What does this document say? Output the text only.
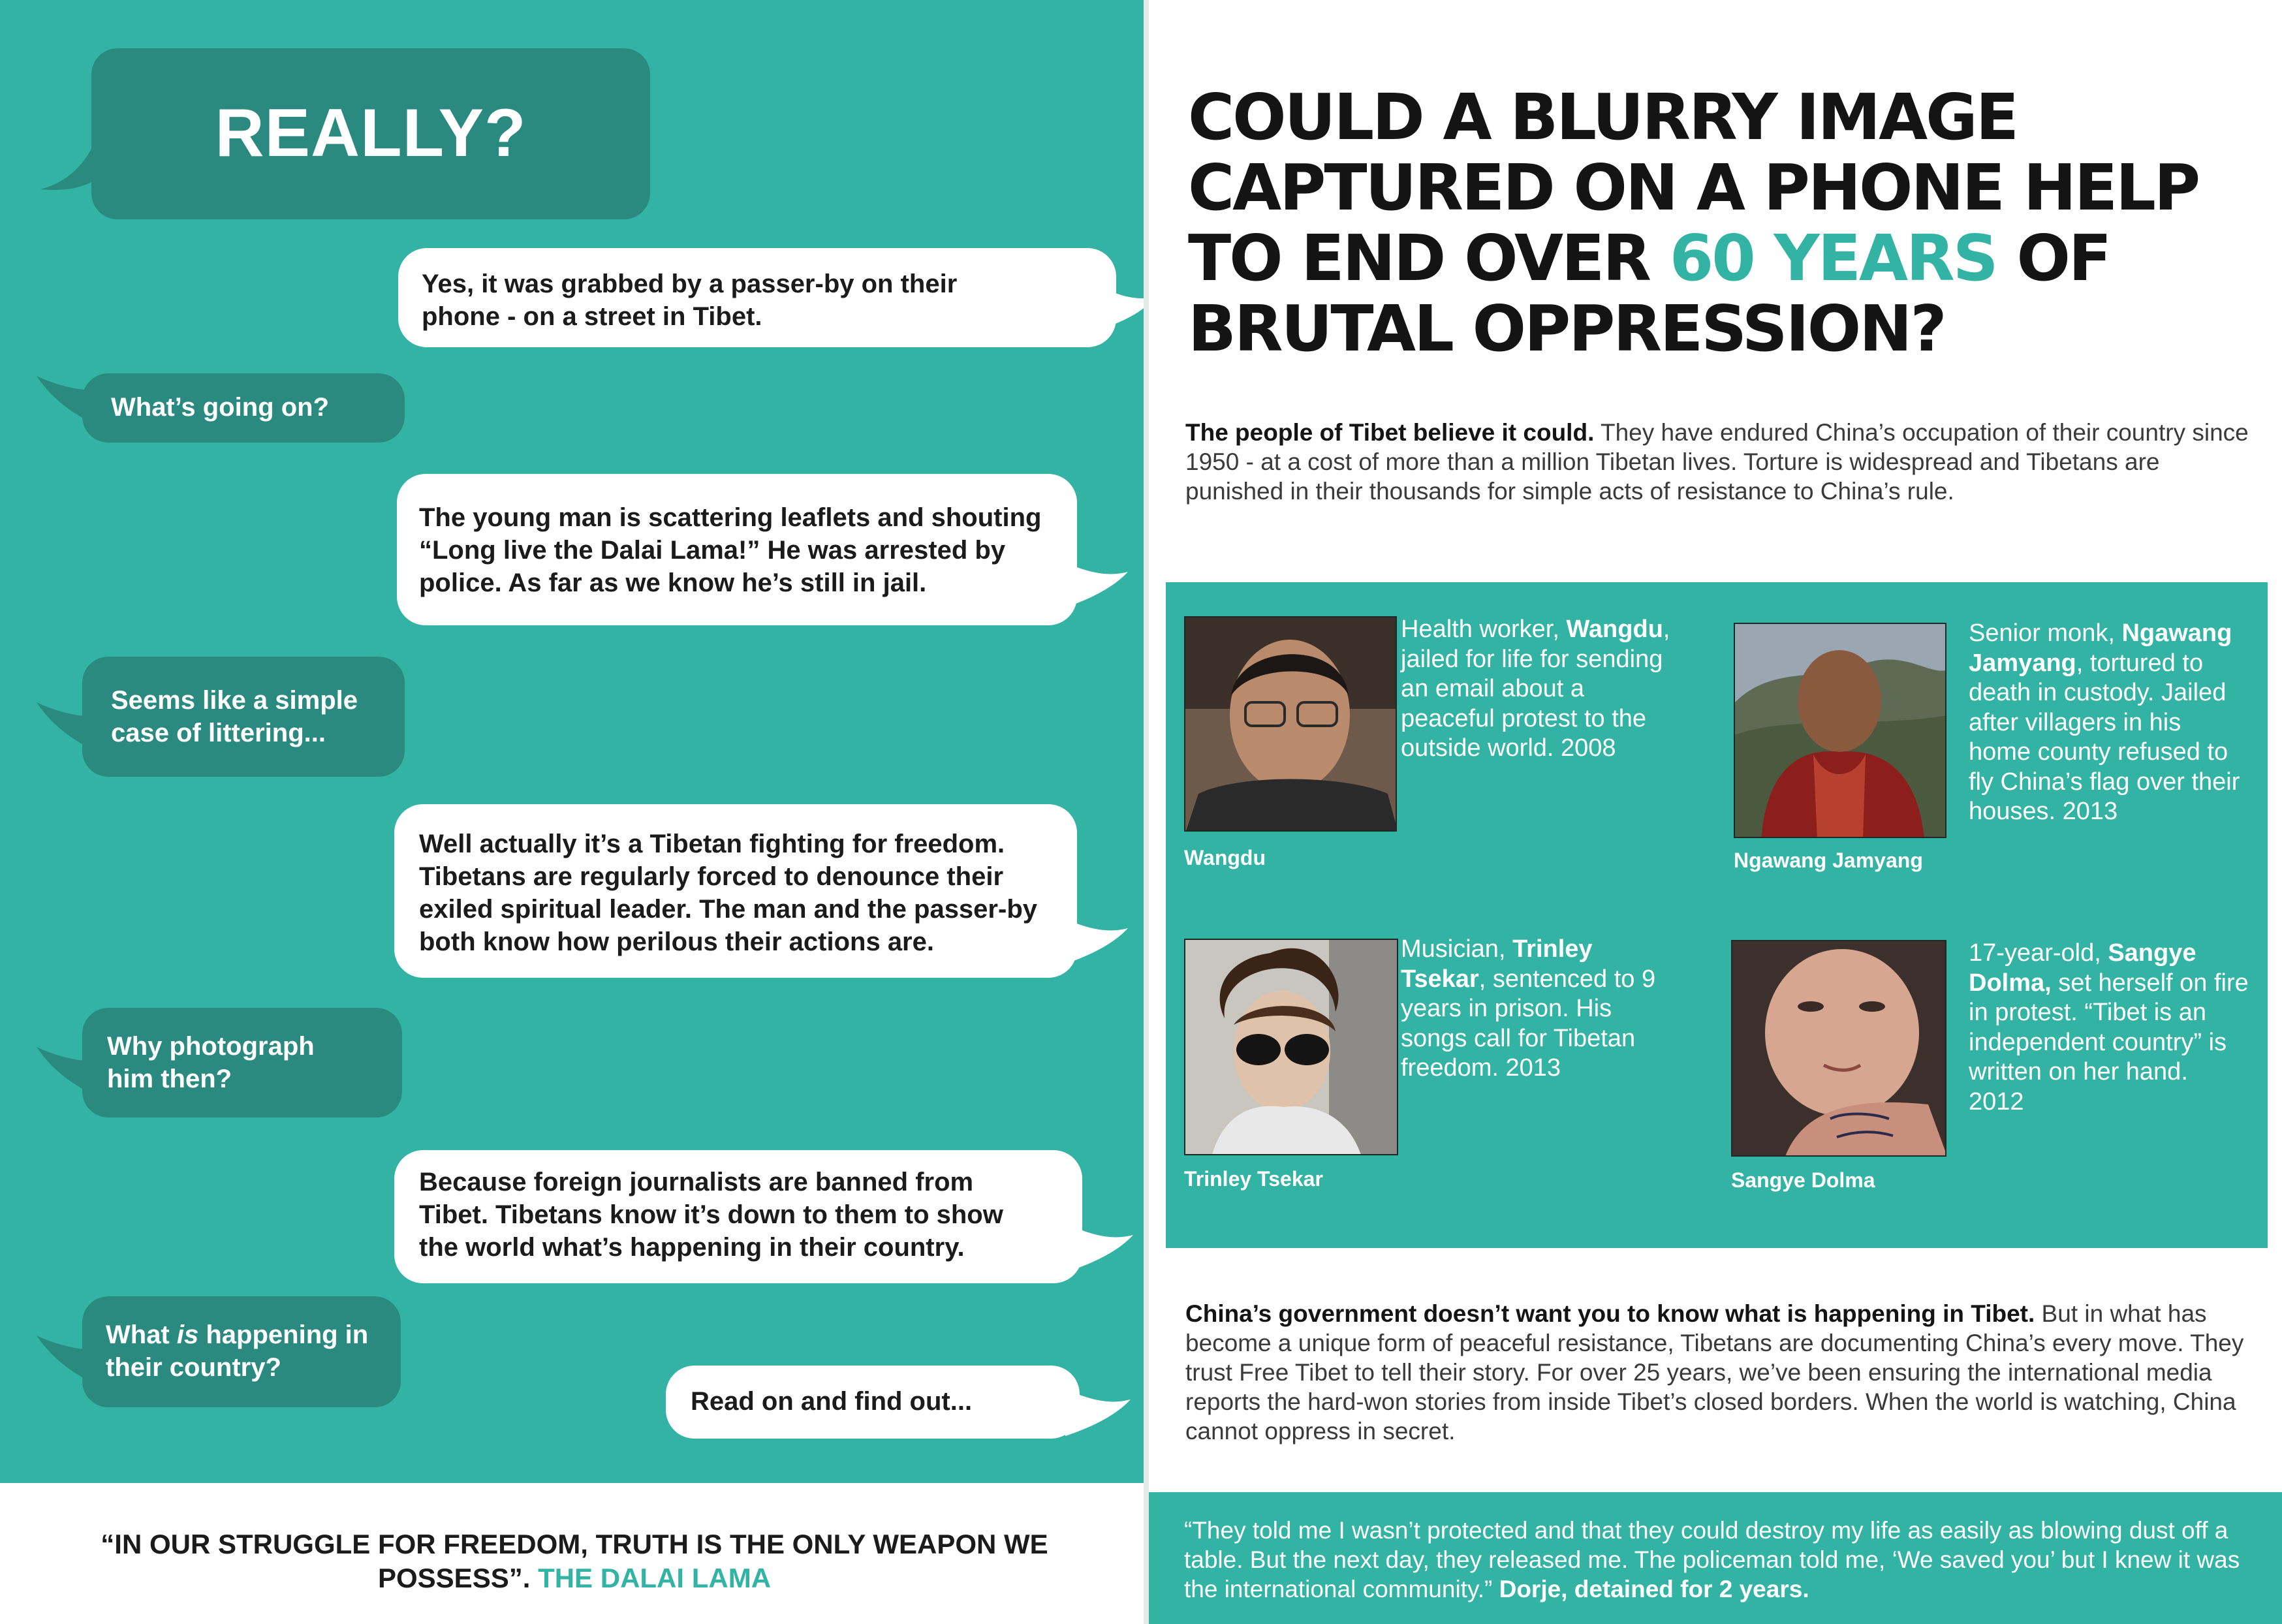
REALLY?
Yes, it was grabbed by a passer-by on their
phone - on a street in Tibet.
What’s going on?
The young man is scattering leaflets and shouting
“Long live the Dalai Lama!” He was arrested by
police. As far as we know he’s still in jail.
Seems like a simple
case of littering...
Well actually it’s a Tibetan fighting for freedom.
Tibetans are regularly forced to denounce their
exiled spiritual leader. The man and the passer-by
both know how perilous their actions are.
Why photograph
him then?
Because foreign journalists are banned from
Tibet. Tibetans know it’s down to them to show
the world what’s happening in their country.
What is happening in
their country?
Read on and find out...
“IN OUR STRUGGLE FOR FREEDOM, TRUTH IS THE ONLY WEAPON WE POSSESS”. THE DALAI LAMA
COULD A BLURRY IMAGE CAPTURED ON A PHONE HELP TO END OVER 60 YEARS OF BRUTAL OPPRESSION?
The people of Tibet believe it could. They have endured China’s occupation of their country since 1950 - at a cost of more than a million Tibetan lives. Torture is widespread and Tibetans are punished in their thousands for simple acts of resistance to China’s rule.
Wangdu
Health worker, Wangdu, jailed for life for sending an email about a peaceful protest to the outside world. 2008
Ngawang Jamyang
Senior monk, Ngawang Jamyang, tortured to death in custody. Jailed after villagers in his home county refused to fly China’s flag over their houses. 2013
Trinley Tsekar
Musician, Trinley Tsekar, sentenced to 9 years in prison. His songs call for Tibetan freedom. 2013
Sangye Dolma
17-year-old, Sangye Dolma, set herself on fire in protest. “Tibet is an independent country” is written on her hand. 2012
China’s government doesn’t want you to know what is happening in Tibet. But in what has become a unique form of peaceful resistance, Tibetans are documenting China’s every move. They trust Free Tibet to tell their story. For over 25 years, we’ve been ensuring the international media reports the hard-won stories from inside Tibet’s closed borders. When the world is watching, China cannot oppress in secret.
“They told me I wasn’t protected and that they could destroy my life as easily as blowing dust off a table. But the next day, they released me. The policeman told me, ‘We saved you’ but I knew it was the international community.” Dorje, detained for 2 years.
